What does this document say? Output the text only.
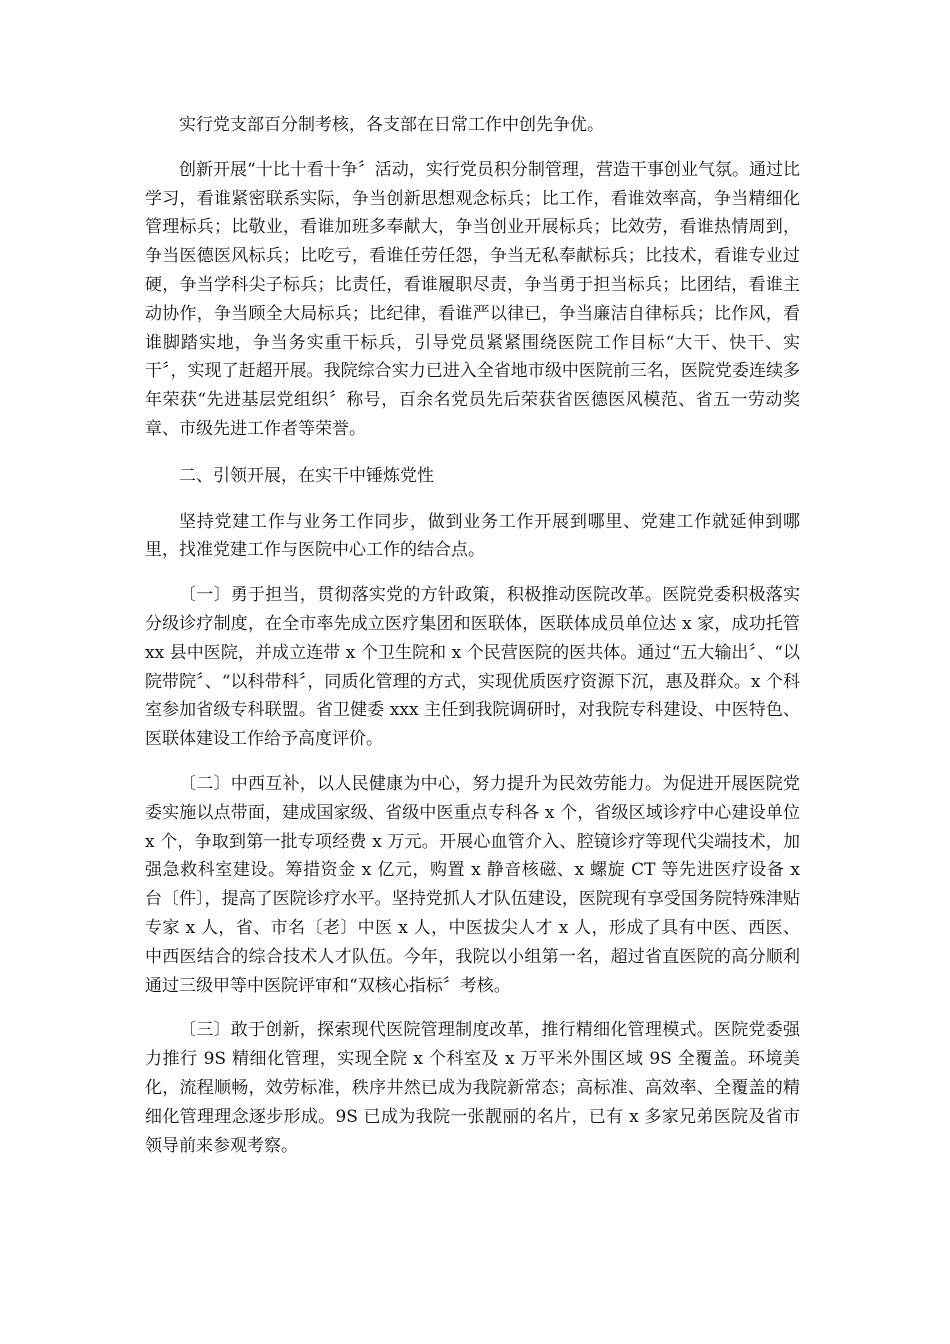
实行党支部百分制考核，各支部在日常工作中创先争优。

创新开展“十比十看十争〞活动，实行党员积分制管理，营造干事创业气氛。通过比学习，看谁紧密联系实际，争当创新思想观念标兵；比工作，看谁效率高，争当精细化管理标兵；比敬业，看谁加班多奉献大，争当创业开展标兵；比效劳，看谁热情周到，争当医德医风标兵；比吃亏，看谁任劳任怨，争当无私奉献标兵；比技术，看谁专业过硬，争当学科尖子标兵；比责任，看谁履职尽责，争当勇于担当标兵；比团结，看谁主动协作，争当顾全大局标兵；比纪律，看谁严以律已，争当廉洁自律标兵；比作风，看谁脚踏实地，争当务实重干标兵，引导党员紧紧围绕医院工作目标“大干、快干、实干〞，实现了赶超开展。我院综合实力已进入全省地市级中医院前三名，医院党委连续多年荣获“先进基层党组织〞称号，百余名党员先后荣获省医德医风模范、省五一劳动奖章、市级先进工作者等荣誉。

二、引领开展，在实干中锤炼党性

坚持党建工作与业务工作同步，做到业务工作开展到哪里、党建工作就延伸到哪里，找准党建工作与医院中心工作的结合点。

〔一〕勇于担当，贯彻落实党的方针政策，积极推动医院改革。医院党委积极落实分级诊疗制度，在全市率先成立医疗集团和医联体，医联体成员单位达 x 家，成功托管 xx 县中医院，并成立连带 x 个卫生院和 x 个民营医院的医共体。通过“五大输出〞、“以院带院〞、“以科带科〞，同质化管理的方式，实现优质医疗资源下沉，惠及群众。x 个科室参加省级专科联盟。省卫健委 xxx 主任到我院调研时，对我院专科建设、中医特色、医联体建设工作给予高度评价。

〔二〕中西互补，以人民健康为中心，努力提升为民效劳能力。为促进开展医院党委实施以点带面，建成国家级、省级中医重点专科各 x 个，省级区域诊疗中心建设单位 x 个，争取到第一批专项经费 x 万元。开展心血管介入、腔镜诊疗等现代尖端技术，加强急救科室建设。筹措资金 x 亿元，购置 x 静音核磁、x 螺旋 CT 等先进医疗设备 x 台〔件〕，提高了医院诊疗水平。坚持党抓人才队伍建设，医院现有享受国务院特殊津贴专家 x 人，省、市名〔老〕中医 x 人，中医拔尖人才 x 人，形成了具有中医、西医、中西医结合的综合技术人才队伍。今年，我院以小组第一名，超过省直医院的高分顺利通过三级甲等中医院评审和“双核心指标〞考核。

〔三〕敢于创新，探索现代医院管理制度改革，推行精细化管理模式。医院党委强力推行 9S 精细化管理，实现全院 x 个科室及 x 万平米外围区域 9S 全覆盖。环境美化，流程顺畅，效劳标准，秩序井然已成为我院新常态；高标准、高效率、全覆盖的精细化管理理念逐步形成。9S 已成为我院一张靓丽的名片，已有 x 多家兄弟医院及省市领导前来参观考察。
